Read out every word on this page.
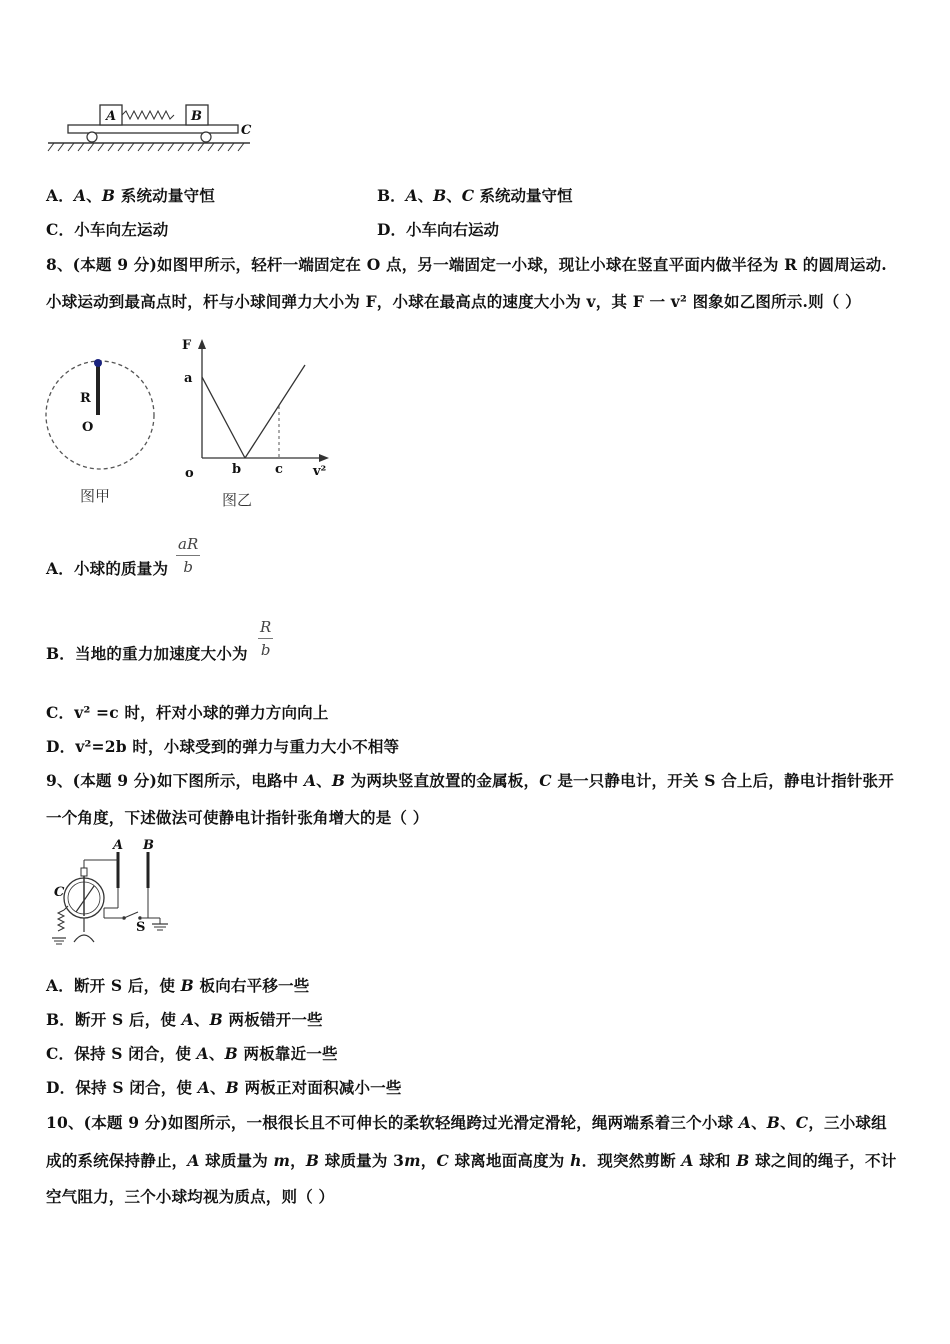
A	B
C
A．A、B 系统动量守恒	B．A、B、C 系统动量守恒
C．小车向左运动	D．小车向右运动
8、(本题 9 分)如图甲所示，轻杆一端固定在 O 点，另一端固定一小球，现让小球在竖直平面内做半径为 R 的圆周运动.
小球运动到最高点时，杆与小球间弹力大小为 F，小球在最高点的速度大小为 v，其 F 一 v² 图象如乙图所示.则（ ）
R
O
图甲
F
a
o	b	c v²
图乙
A．小球的质量为
aR
b
B．当地的重力加速度大小为
R
b
C．v² =c 时，杆对小球的弹力方向向上
D．v²=2b 时，小球受到的弹力与重力大小不相等
9、(本题 9 分)如下图所示，电路中 A、B 为两块竖直放置的金属板，C 是一只静电计，开关 S 合上后，静电计指针张开
一个角度，下述做法可使静电计指针张角增大的是（ ）
A B
C
S
A．断开 S 后，使 B 板向右平移一些
B．断开 S 后，使 A、B 两板错开一些
C．保持 S 闭合，使 A、B 两板靠近一些
D．保持 S 闭合，使 A、B 两板正对面积减小一些
10、(本题 9 分)如图所示，一根很长且不可伸长的柔软轻绳跨过光滑定滑轮，绳两端系着三个小球 A、B、C，三小球组
成的系统保持静止，A 球质量为 m，B 球质量为 3m，C 球离地面高度为 h．现突然剪断 A 球和 B 球之间的绳子，不计
空气阻力，三个小球均视为质点，则（ ）
